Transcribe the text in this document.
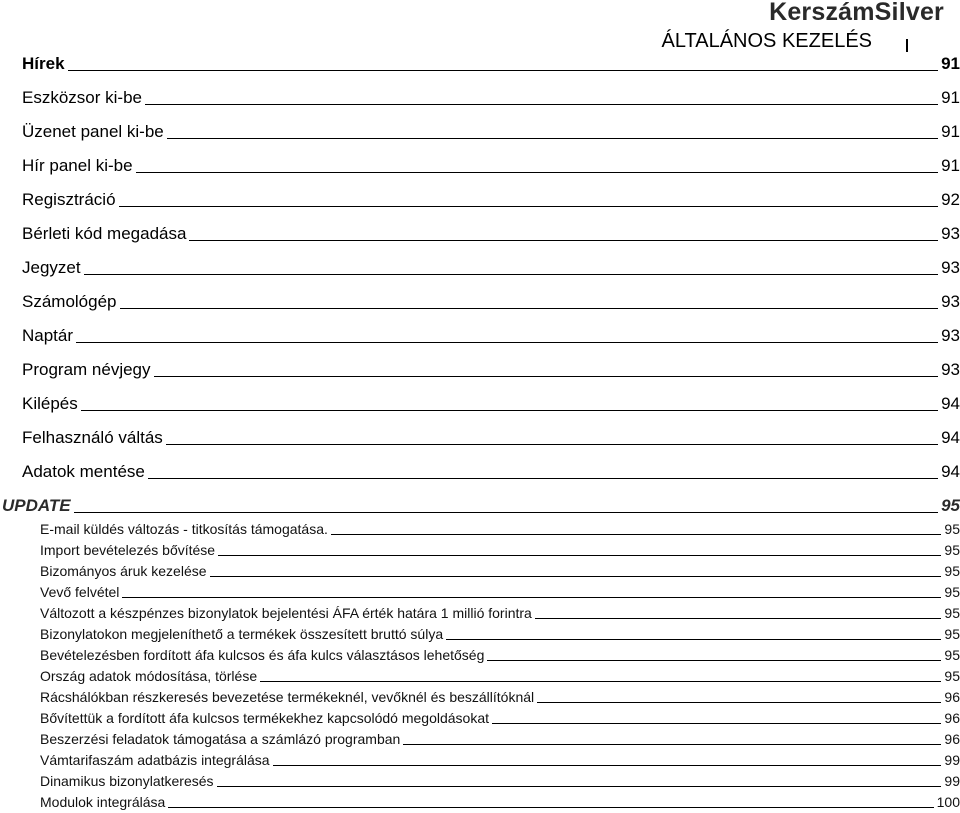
KerszámSilver
ÁLTALÁNOS KEZELÉS
Hírek	91
Eszközsor ki-be	91
Üzenet panel ki-be	91
Hír panel ki-be	91
Regisztráció	92
Bérleti kód megadása	93
Jegyzet	93
Számológép	93
Naptár	93
Program névjegy	93
Kilépés	94
Felhasználó váltás	94
Adatok mentése	94
UPDATE	95
E-mail küldés változás - titkosítás támogatása.	95
Import bevételezés bővítése	95
Bizományos áruk kezelése	95
Vevő felvétel	95
Változott a készpénzes bizonylatok bejelentési ÁFA érték határa 1 millió forintra	95
Bizonylatokon megjeleníthető a termékek összesített bruttó súlya	95
Bevételezésben fordított áfa kulcsos és áfa kulcs választásos lehetőség	95
Ország adatok módosítása, törlése	95
Rácshálókban részkeresés bevezetése termékeknél, vevőknél és beszállítóknál	96
Bővítettük a fordított áfa kulcsos termékekhez kapcsolódó megoldásokat	96
Beszerzési feladatok támogatása a számlázó programban	96
Vámtarifaszám adatbázis integrálása	99
Dinamikus bizonylatkeresés	99
Modulok integrálása	100
